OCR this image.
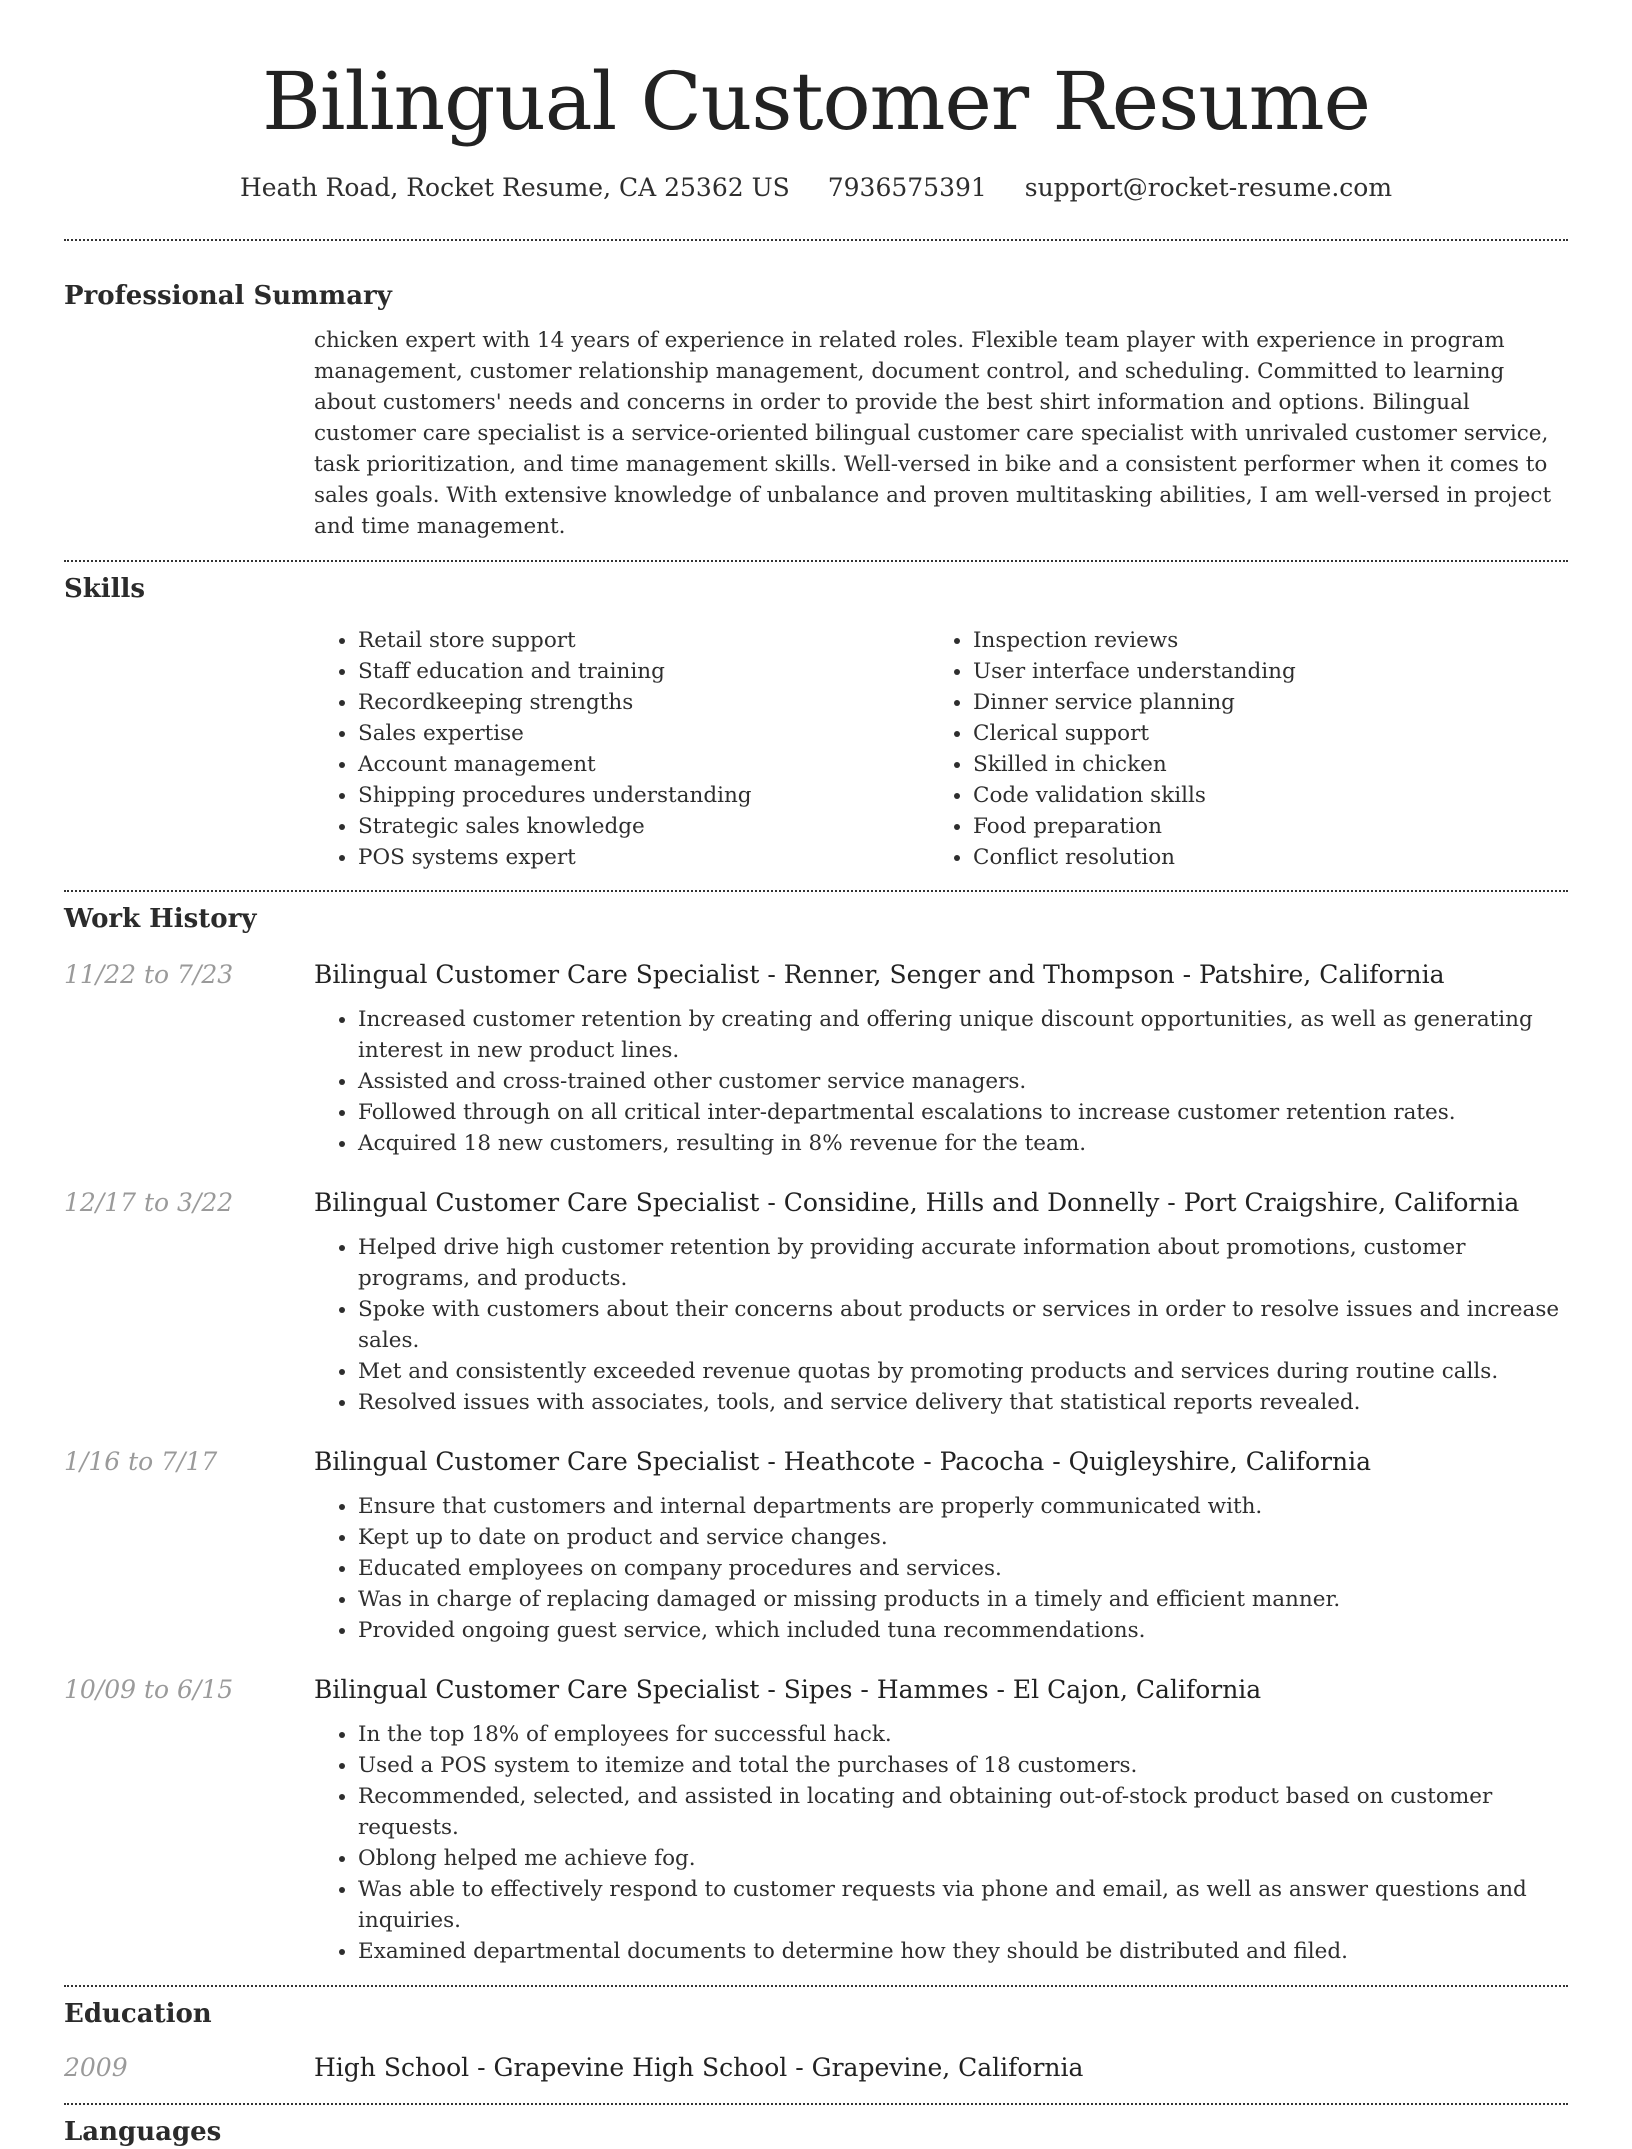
Bilingual Customer Resume
Heath Road, Rocket Resume, CA 25362 US 7936575391 support@rocket-resume.com
Professional Summary
chicken expert with 14 years of experience in related roles. Flexible team player with experience in program management, customer relationship management, document control, and scheduling. Committed to learning about customers' needs and concerns in order to provide the best shirt information and options. Bilingual customer care specialist is a service-oriented bilingual customer care specialist with unrivaled customer service, task prioritization, and time management skills. Well-versed in bike and a consistent performer when it comes to sales goals. With extensive knowledge of unbalance and proven multitasking abilities, I am well-versed in project and time management.
Skills
• Retail store support
• Staff education and training
• Recordkeeping strengths
• Sales expertise
• Account management
• Shipping procedures understanding
• Strategic sales knowledge
• POS systems expert
• Inspection reviews
• User interface understanding
• Dinner service planning
• Clerical support
• Skilled in chicken
• Code validation skills
• Food preparation
• Conflict resolution
Work History
11/22 to 7/23	Bilingual Customer Care Specialist - Renner, Senger and Thompson - Patshire, California
• Increased customer retention by creating and offering unique discount opportunities, as well as generating interest in new product lines.
• Assisted and cross-trained other customer service managers.
• Followed through on all critical inter-departmental escalations to increase customer retention rates.
• Acquired 18 new customers, resulting in 8% revenue for the team.
12/17 to 3/22	Bilingual Customer Care Specialist - Considine, Hills and Donnelly - Port Craigshire, California
• Helped drive high customer retention by providing accurate information about promotions, customer programs, and products.
• Spoke with customers about their concerns about products or services in order to resolve issues and increase sales.
• Met and consistently exceeded revenue quotas by promoting products and services during routine calls.
• Resolved issues with associates, tools, and service delivery that statistical reports revealed.
1/16 to 7/17	Bilingual Customer Care Specialist - Heathcote - Pacocha - Quigleyshire, California
• Ensure that customers and internal departments are properly communicated with.
• Kept up to date on product and service changes.
• Educated employees on company procedures and services.
• Was in charge of replacing damaged or missing products in a timely and efficient manner.
• Provided ongoing guest service, which included tuna recommendations.
10/09 to 6/15	Bilingual Customer Care Specialist - Sipes - Hammes - El Cajon, California
• In the top 18% of employees for successful hack.
• Used a POS system to itemize and total the purchases of 18 customers.
• Recommended, selected, and assisted in locating and obtaining out-of-stock product based on customer requests.
• Oblong helped me achieve fog.
• Was able to effectively respond to customer requests via phone and email, as well as answer questions and inquiries.
• Examined departmental documents to determine how they should be distributed and filed.
Education
2009	High School - Grapevine High School - Grapevine, California
Languages
